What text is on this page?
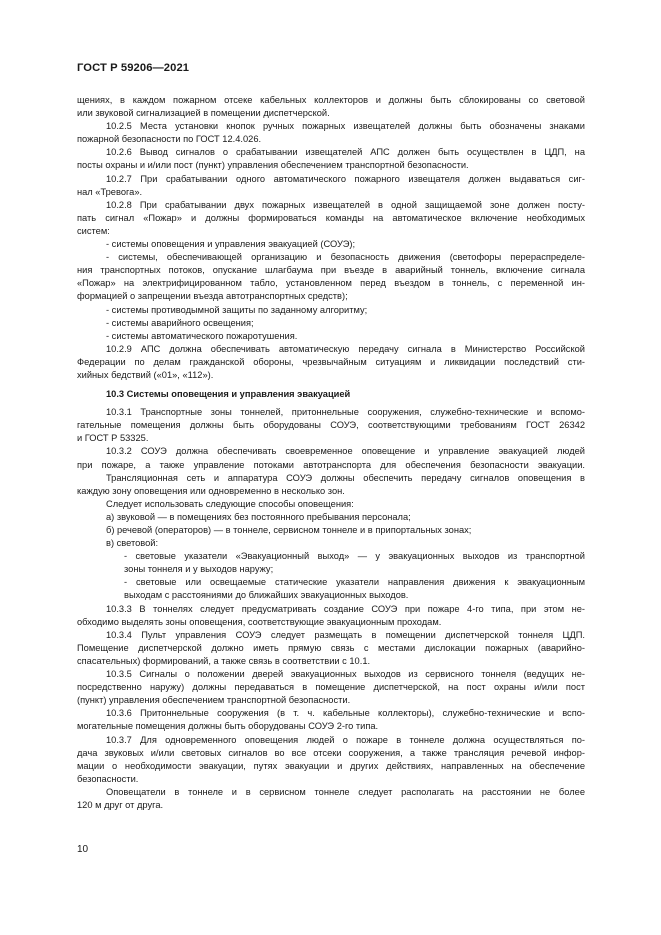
ГОСТ Р 59206—2021
щениях, в каждом пожарном отсеке кабельных коллекторов и должны быть сблокированы со световой
или звуковой сигнализацией в помещении диспетчерской.
10.2.5 Места установки кнопок ручных пожарных извещателей должны быть обозначены знаками
пожарной безопасности по ГОСТ 12.4.026.
10.2.6 Вывод сигналов о срабатывании извещателей АПС должен быть осуществлен в ЦДП, на
посты охраны и и/или пост (пункт) управления обеспечением транспортной безопасности.
10.2.7 При срабатывании одного автоматического пожарного извещателя должен выдаваться сиг-
нал «Тревога».
10.2.8 При срабатывании двух пожарных извещателей в одной защищаемой зоне должен посту-
пать сигнал «Пожар» и должны формироваться команды на автоматическое включение необходимых
систем:
- системы оповещения и управления эвакуацией (СОУЭ);
- системы, обеспечивающей организацию и безопасность движения (светофоры перераспределе-
ния транспортных потоков, опускание шлагбаума при въезде в аварийный тоннель, включение сигнала
«Пожар» на электрифицированном табло, установленном перед въездом в тоннель, с переменной ин-
формацией о запрещении въезда автотранспортных средств);
- системы противодымной защиты по заданному алгоритму;
- системы аварийного освещения;
- системы автоматического пожаротушения.
10.2.9 АПС должна обеспечивать автоматическую передачу сигнала в Министерство Российской
Федерации по делам гражданской обороны, чрезвычайным ситуациям и ликвидации последствий сти-
хийных бедствий («01», «112»).
10.3 Системы оповещения и управления эвакуацией
10.3.1 Транспортные зоны тоннелей, притоннельные сооружения, служебно-технические и вспомо-
гательные помещения должны быть оборудованы СОУЭ, соответствующими требованиям ГОСТ 26342
и ГОСТ Р 53325.
10.3.2 СОУЭ должна обеспечивать своевременное оповещение и управление эвакуацией людей
при пожаре, а также управление потоками автотранспорта для обеспечения безопасности эвакуации.
Трансляционная сеть и аппаратура СОУЭ должны обеспечить передачу сигналов оповещения в
каждую зону оповещения или одновременно в несколько зон.
Следует использовать следующие способы оповещения:
а) звуковой — в помещениях без постоянного пребывания персонала;
б) речевой (операторов) — в тоннеле, сервисном тоннеле и в припортальных зонах;
в) световой:
- световые указатели «Эвакуационный выход» — у эвакуационных выходов из транспортной
зоны тоннеля и у выходов наружу;
- световые или освещаемые статические указатели направления движения к эвакуационным
выходам с расстояниями до ближайших эвакуационных выходов.
10.3.3 В тоннелях следует предусматривать создание СОУЭ при пожаре 4-го типа, при этом не-
обходимо выделять зоны оповещения, соответствующие эвакуационным проходам.
10.3.4 Пульт управления СОУЭ следует размещать в помещении диспетчерской тоннеля ЦДП.
Помещение диспетчерской должно иметь прямую связь с местами дислокации пожарных (аварийно-
спасательных) формирований, а также связь в соответствии с 10.1.
10.3.5 Сигналы о положении дверей эвакуационных выходов из сервисного тоннеля (ведущих не-
посредственно наружу) должны передаваться в помещение диспетчерской, на пост охраны и/или пост
(пункт) управления обеспечением транспортной безопасности.
10.3.6 Притоннельные сооружения (в т. ч. кабельные коллекторы), служебно-технические и вспо-
могательные помещения должны быть оборудованы СОУЭ 2-го типа.
10.3.7 Для одновременного оповещения людей о пожаре в тоннеле должна осуществляться по-
дача звуковых и/или световых сигналов во все отсеки сооружения, а также трансляция речевой инфор-
мации о необходимости эвакуации, путях эвакуации и других действиях, направленных на обеспечение
безопасности.
Оповещатели в тоннеле и в сервисном тоннеле следует располагать на расстоянии не более
120 м друг от друга.
10
